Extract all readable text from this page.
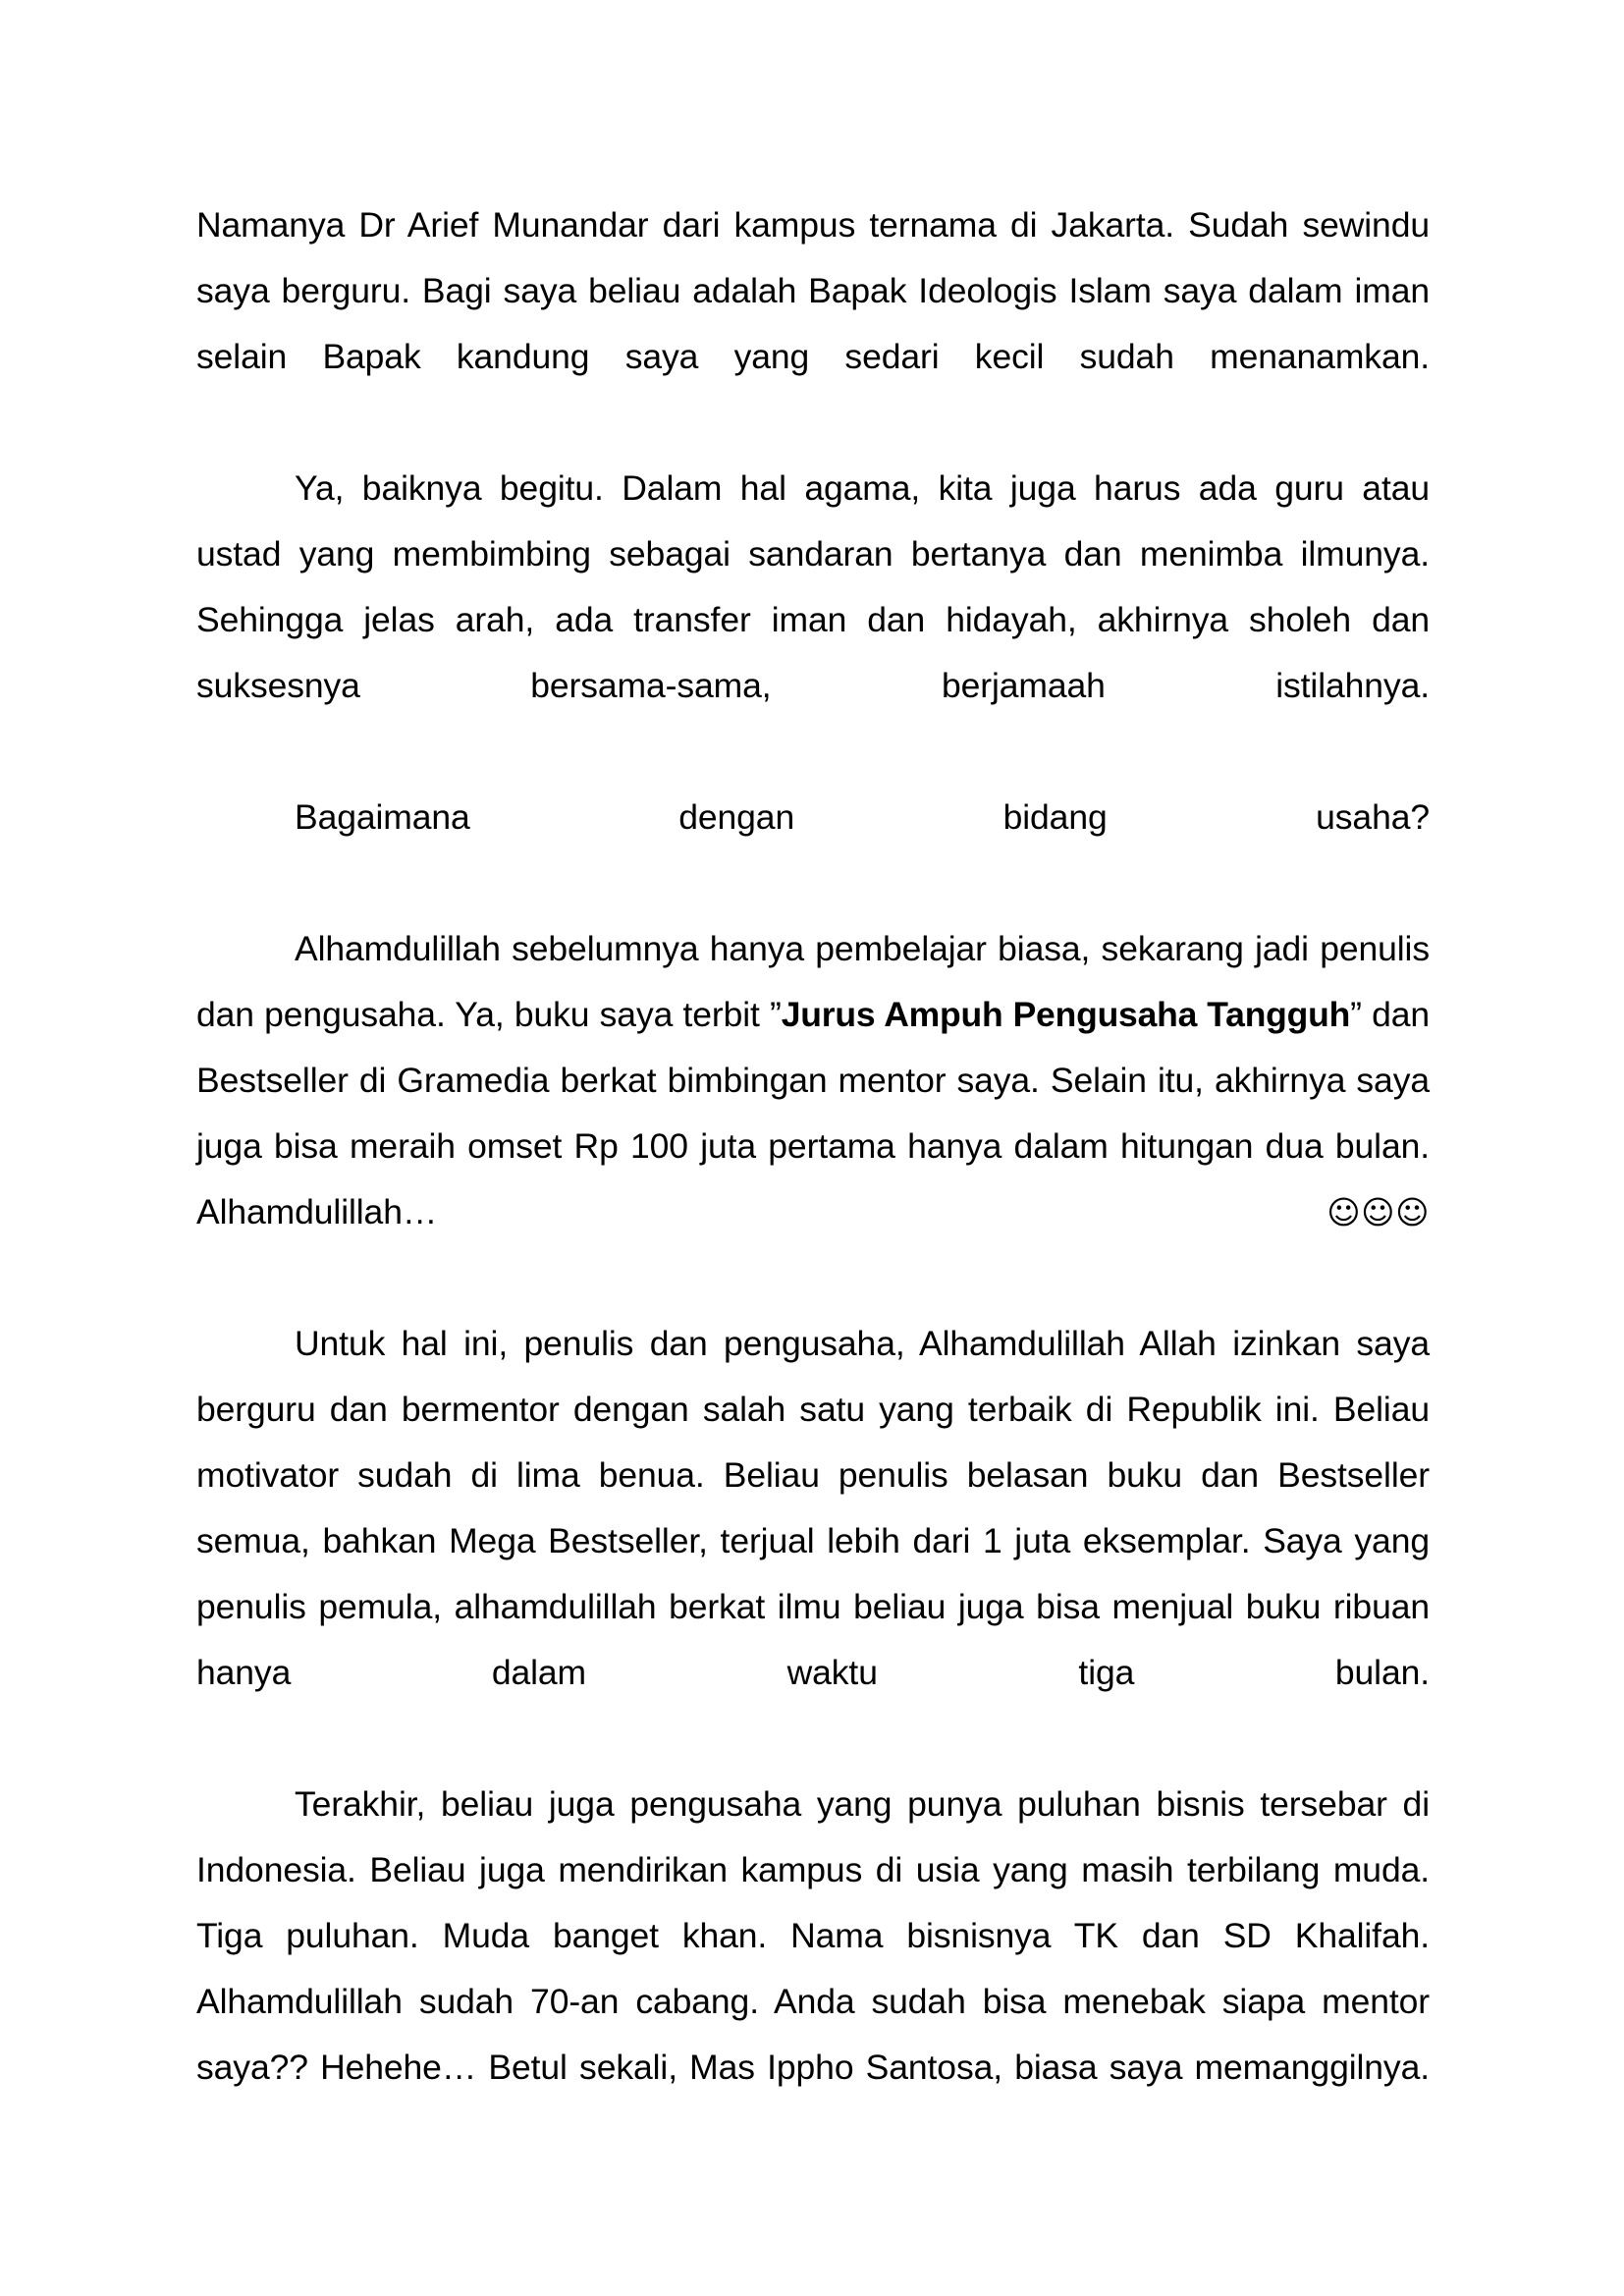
Namanya Dr Arief Munandar dari kampus ternama di Jakarta. Sudah sewindu saya berguru. Bagi saya beliau adalah Bapak Ideologis Islam saya dalam iman selain Bapak kandung saya yang sedari kecil sudah menanamkan.

Ya, baiknya begitu. Dalam hal agama, kita juga harus ada guru atau ustad yang membimbing sebagai sandaran bertanya dan menimba ilmunya. Sehingga jelas arah, ada transfer iman dan hidayah, akhirnya sholeh dan suksesnya bersama-sama, berjamaah istilahnya.

Bagaimana dengan bidang usaha?

Alhamdulillah sebelumnya hanya pembelajar biasa, sekarang jadi penulis dan pengusaha. Ya, buku saya terbit ”Jurus Ampuh Pengusaha Tangguh” dan Bestseller di Gramedia berkat bimbingan mentor saya. Selain itu, akhirnya saya juga bisa meraih omset Rp 100 juta pertama hanya dalam hitungan dua bulan. Alhamdulillah… ☺☺☺

Untuk hal ini, penulis dan pengusaha, Alhamdulillah Allah izinkan saya berguru dan bermentor dengan salah satu yang terbaik di Republik ini. Beliau motivator sudah di lima benua. Beliau penulis belasan buku dan Bestseller semua, bahkan Mega Bestseller, terjual lebih dari 1 juta eksemplar. Saya yang penulis pemula, alhamdulillah berkat ilmu beliau juga bisa menjual buku ribuan hanya dalam waktu tiga bulan.

Terakhir, beliau juga pengusaha yang punya puluhan bisnis tersebar di Indonesia. Beliau juga mendirikan kampus di usia yang masih terbilang muda. Tiga puluhan. Muda banget khan. Nama bisnisnya TK dan SD Khalifah. Alhamdulillah sudah 70-an cabang. Anda sudah bisa menebak siapa mentor saya?? Hehehe… Betul sekali, Mas Ippho Santosa, biasa saya memanggilnya.
